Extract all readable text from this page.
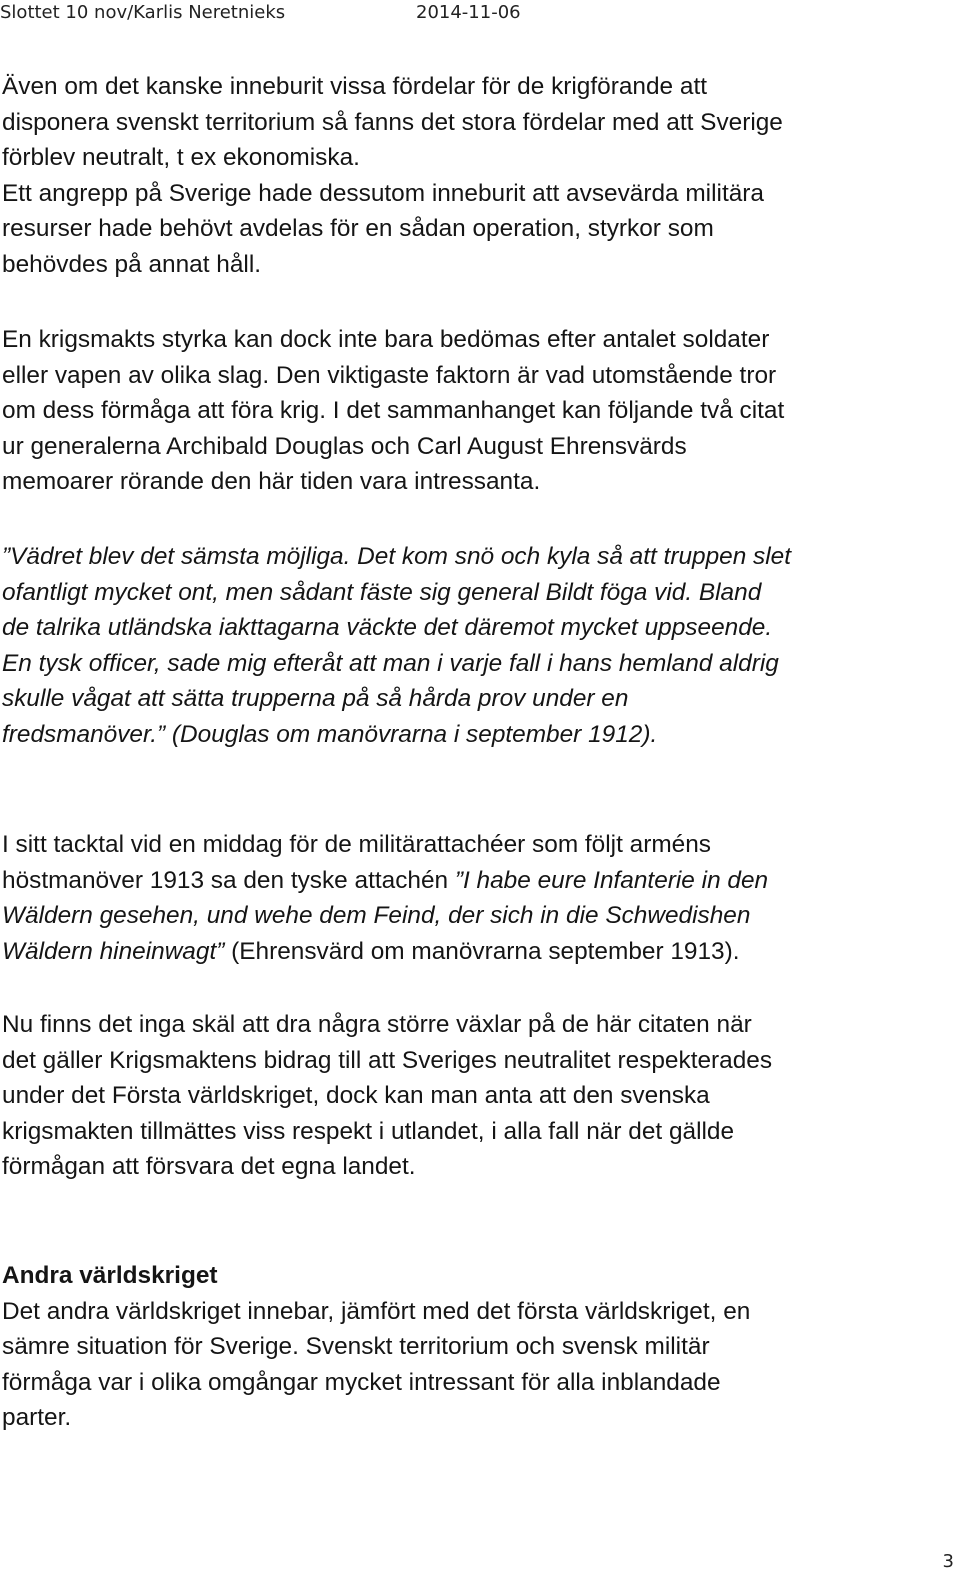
Slottet 10 nov/Karlis Neretnieks	2014-11-06

Även om det kanske inneburit vissa fördelar för de krigförande att

disponera svenskt territorium så fanns det stora fördelar med att Sverige

förblev neutralt, t ex ekonomiska.

Ett angrepp på Sverige hade dessutom inneburit att avsevärda militära

resurser hade behövt avdelas för en sådan operation, styrkor som

behövdes på annat håll.

En krigsmakts styrka kan dock inte bara bedömas efter antalet soldater

eller vapen av olika slag. Den viktigaste faktorn är vad utomstående tror

om dess förmåga att föra krig. I det sammanhanget kan följande två citat

ur generalerna Archibald Douglas och Carl August Ehrensvärds

memoarer rörande den här tiden vara intressanta.

”Vädret blev det sämsta möjliga. Det kom snö och kyla så att truppen slet

ofantligt mycket ont, men sådant fäste sig general Bildt föga vid. Bland

de talrika utländska iakttagarna väckte det däremot mycket uppseende.

En tysk officer, sade mig efteråt att man i varje fall i hans hemland aldrig

skulle vågat att sätta trupperna på så hårda prov under en

fredsmanöver.” (Douglas om manövrarna i september 1912).

I sitt tacktal vid en middag för de militärattachéer som följt arméns

höstmanöver 1913 sa den tyske attachén ”I habe eure Infanterie in den

Wäldern gesehen, und wehe dem Feind, der sich in die Schwedishen

Wäldern hineinwagt” (Ehrensvärd om manövrarna september 1913).

Nu finns det inga skäl att dra några större växlar på de här citaten när

det gäller Krigsmaktens bidrag till att Sveriges neutralitet respekterades

under det Första världskriget, dock kan man anta att den svenska

krigsmakten tillmättes viss respekt i utlandet, i alla fall när det gällde

förmågan att försvara det egna landet.

Andra världskriget

Det andra världskriget innebar, jämfört med det första världskriget, en

sämre situation för Sverige. Svenskt territorium och svensk militär

förmåga var i olika omgångar mycket intressant för alla inblandade

parter.

3
